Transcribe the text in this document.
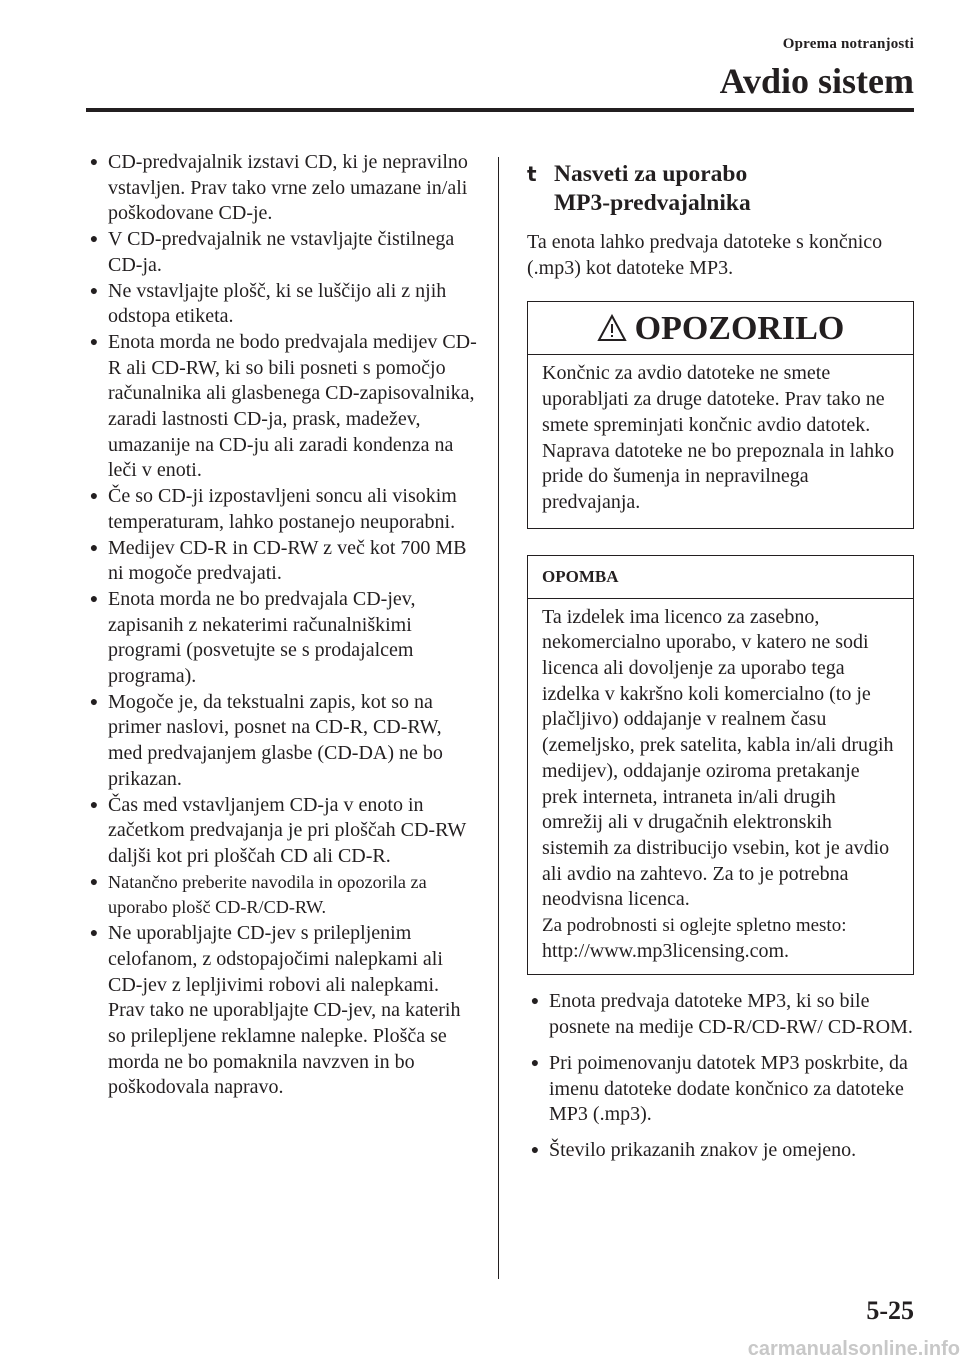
Oprema notranjosti
Avdio sistem
● CD-predvajalnik izstavi CD, ki je nepravilno vstavljen. Prav tako vrne zelo umazane in/ali poškodovane CD-je.
● V CD-predvajalnik ne vstavljajte čistilnega CD-ja.
● Ne vstavljajte plošč, ki se luščijo ali z njih odstopa etiketa.
● Enota morda ne bodo predvajala medijev CD-R ali CD-RW, ki so bili posneti s pomočjo računalnika ali glasbenega CD-zapisovalnika, zaradi lastnosti CD-ja, prask, madežev, umazanije na CD-ju ali zaradi kondenza na leči v enoti.
● Če so CD-ji izpostavljeni soncu ali visokim temperaturam, lahko postanejo neuporabni.
● Medijev CD-R in CD-RW z več kot 700 MB ni mogoče predvajati.
● Enota morda ne bo predvajala CD-jev, zapisanih z nekaterimi računalniškimi programi (posvetujte se s prodajalcem programa).
● Mogoče je, da tekstualni zapis, kot so na primer naslovi, posnet na CD-R, CD-RW, med predvajanjem glasbe (CD-DA) ne bo prikazan.
● Čas med vstavljanjem CD-ja v enoto in začetkom predvajanja je pri ploščah CD-RW daljši kot pri ploščah CD ali CD-R.
● Natančno preberite navodila in opozorila za uporabo plošč CD-R/CD-RW.
● Ne uporabljajte CD-jev s prilepljenim celofanom, z odstopajočimi nalepkami ali CD-jev z lepljivimi robovi ali nalepkami. Prav tako ne uporabljajte CD-jev, na katerih so prilepljene reklamne nalepke. Plošča se morda ne bo pomaknila navzven in bo poškodovala napravo.
t Nasveti za uporabo
MP3-predvajalnika
Ta enota lahko predvaja datoteke s končnico (.mp3) kot datoteke MP3.
OPOZORILO
Končnic za avdio datoteke ne smete uporabljati za druge datoteke. Prav tako ne smete spreminjati končnic avdio datotek. Naprava datoteke ne bo prepoznala in lahko pride do šumenja in nepravilnega predvajanja.
OPOMBA
Ta izdelek ima licenco za zasebno, nekomercialno uporabo, v katero ne sodi licenca ali dovoljenje za uporabo tega izdelka v kakršno koli komercialno (to je plačljivo) oddajanje v realnem času (zemeljsko, prek satelita, kabla in/ali drugih medijev), oddajanje oziroma pretakanje prek interneta, intraneta in/ali drugih omrežij ali v drugačnih elektronskih sistemih za distribucijo vsebin, kot je avdio ali avdio na zahtevo. Za to je potrebna neodvisna licenca.
Za podrobnosti si oglejte spletno mesto:
http://www.mp3licensing.com.
● Enota predvaja datoteke MP3, ki so bile posnete na medije CD-R/CD-RW/ CD-ROM.
● Pri poimenovanju datotek MP3 poskrbite, da imenu datoteke dodate končnico za datoteke MP3 (.mp3).
● Število prikazanih znakov je omejeno.
5-25
carmanualsonline.info
